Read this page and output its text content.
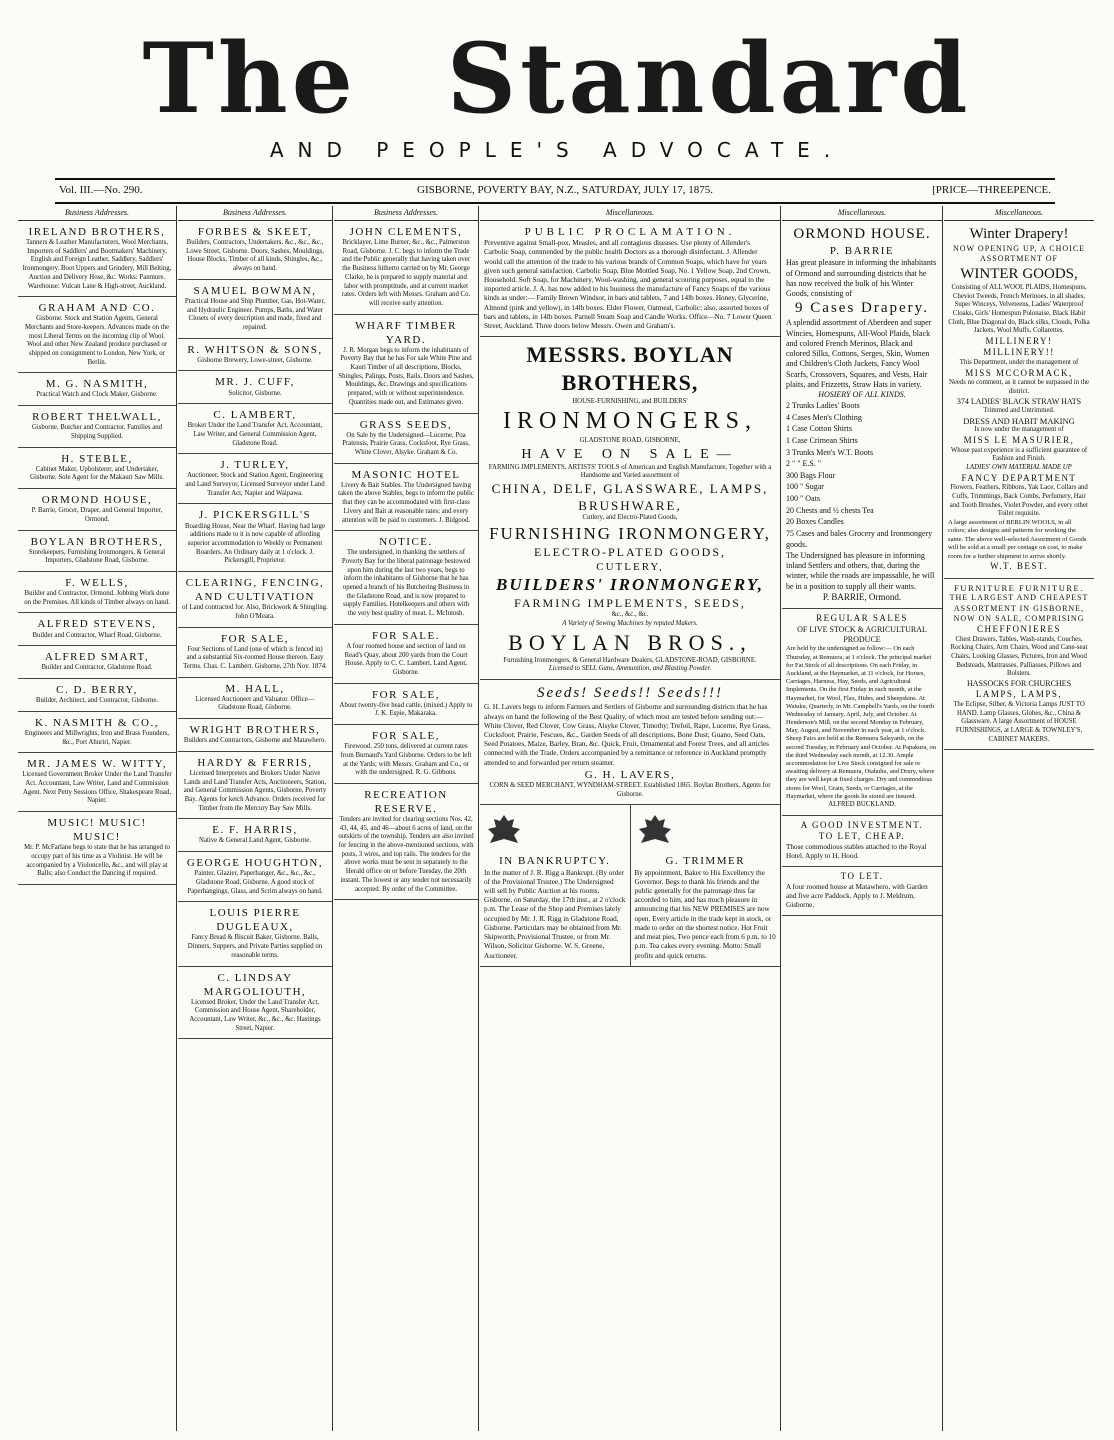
The Standard
AND PEOPLE'S ADVOCATE.
Vol. III.—No. 290.	GISBORNE, POVERTY BAY, N.Z., SATURDAY, JULY 17, 1875.	[PRICE—THREEPENCE.
Business Addresses.
IRELAND BROTHERS,
Tanners & Leather Manufacturers, Wool Merchants, Importers of Saddlers' and Bootmakers' Machinery, English and Foreign Leather, Saddlery, Saddlers' Ironmongery. Boot Uppers and Grindery, Mill Belting, Auction and Delivery Hose, &c. Works: Panmure. Warehouse: Vulcan Lane & High-street, Auckland.
GRAHAM AND CO.
Gisborne. Stock and Station Agents, General Merchants and Store-keepers. Advances made on the most Liberal Terms on the incoming clip of Wool. Wool and other New Zealand produce purchased or shipped on consignment to London, New York, or Berlin.
M. G. NASMITH,
Practical Watch and Clock Maker, Gisborne.
ROBERT THELWALL,
Gisborne. Butcher and Contractor. Families and Shipping Supplied.
H. STEBLE,
Cabinet Maker, Upholsterer, and Undertaker, Gisborne. Sole Agent for the Makauri Saw Mills.
ORMOND HOUSE,
P. Barrie, Grocer, Draper, and General Importer, Ormond.
BOYLAN BROTHERS,
Storekeepers, Furnishing Ironmongers, & General Importers, Gladstone Road, Gisborne.
F. WELLS,
Builder and Contractor, Ormond. Jobbing Work done on the Premises. All kinds of Timber always on hand.
ALFRED STEVENS,
Builder and Contractor, Wharf Road, Gisborne.
ALFRED SMART,
Builder and Contractor, Gladstone Road.
C. D. BERRY,
Builder, Architect, and Contractor, Gisborne.
K. NASMITH & CO.,
Engineers and Millwrights, Iron and Brass Founders, &c., Port Ahuriri, Napier.
MR. JAMES W. WITTY,
Licensed Government Broker Under the Land Transfer Act. Accountant, Law Writer, Land and Commission Agent. Next Petty Sessions Office, Shakespeare Road, Napier.
MUSIC! MUSIC! MUSIC!
Mr. P. McFarlane begs to state that he has arranged to occupy part of his time as a Violinist. He will be accompanied by a Violoncello, &c., and will play at Balls; also Conduct the Dancing if required.
Business Addresses.
FORBES & SKEET,
Builders, Contractors, Undertakers, &c., &c., &c., Lowe Street, Gisborne. Doors, Sashes, Mouldings, House Blocks, Timber of all kinds, Shingles, &c., always on hand.
SAMUEL BOWMAN,
Practical House and Ship Plumber, Gas, Hot-Water, and Hydraulic Engineer. Pumps, Baths, and Water Closets of every description and made, fixed and repaired.
R. WHITSON & SONS,
Gisborne Brewery, Lowe-street, Gisborne.
MR. J. CUFF,
Solicitor, Gisborne.
C. LAMBERT,
Broker Under the Land Transfer Act, Accountant, Law Writer, and General Commission Agent, Gladstone Road.
J. TURLEY,
Auctioneer, Stock and Station Agent, Engineering and Land Surveyor, Licensed Surveyor under Land Transfer Act, Napier and Waipawa.
J. PICKERSGILL'S
Boarding House, Near the Wharf. Having had large additions made to it is now capable of affording superior accommodation to Weekly or Permanent Boarders. An Ordinary daily at 1 o'clock. J. Pickersgill, Proprietor.
CLEARING, FENCING, AND CULTIVATION
of Land contracted for. Also, Brickwork & Shingling. John O'Meara.
FOR SALE,
Four Sections of Land (one of which is fenced in) and a substantial Six-roomed House thereon. Easy Terms. Chas. C. Lambert. Gisborne, 27th Nov. 1874.
M. HALL,
Licensed Auctioneer and Valuator. Office—Gladstone Road, Gisborne.
WRIGHT BROTHERS,
Builders and Contractors, Gisborne and Matawhero.
HARDY & FERRIS,
Licensed Interpreters and Brokers Under Native Lands and Land Transfer Acts, Auctioneers, Station, and General Commission Agents, Gisborne, Poverty Bay. Agents for ketch Advance. Orders received for Timber from the Mercury Bay Saw Mills.
E. F. HARRIS,
Native & General Land Agent, Gisborne.
GEORGE HOUGHTON,
Painter, Glazier, Paperhanger, &c., &c., &c., Gladstone Road, Gisborne. A good stock of Paperhangings, Glass, and Scrim always on hand.
LOUIS PIERRE DUGLEAUX,
Fancy Bread & Biscuit Baker, Gisborne. Balls, Dinners, Suppers, and Private Parties supplied on reasonable terms.
C. LINDSAY MARGOLIOUTH,
Licensed Broker, Under the Land Transfer Act, Commission and House Agent, Shareholder, Accountant, Law Writer, &c., &c., &c. Hastings Street, Napier.
Business Addresses.
JOHN CLEMENTS,
Bricklayer, Lime Burner, &c., &c., Palmerston Road, Gisborne. J. C. begs to inform the Trade and the Public generally that having taken over the Business hitherto carried on by Mr. George Clarke, he is prepared to supply material and labor with promptitude, and at current market rates. Orders left with Messrs. Graham and Co. will receive early attention.
WHARF TIMBER YARD.
J. R. Morgan begs to inform the inhabitants of Poverty Bay that he has For sale White Pine and Kauri Timber of all descriptions, Blocks, Shingles, Palings, Posts, Rails, Doors and Sashes, Mouldings, &c. Drawings and specifications prepared, with or without superintendence. Quantities made out, and Estimates given.
GRASS SEEDS,
On Sale by the Undersigned—Lucerne, Poa Pratensis, Prairie Grass, Cocksfoot, Rye Grass, White Clover, Alsyke. Graham & Co.
MASONIC HOTEL
Livery & Bait Stables. The Undersigned having taken the above Stables, begs to inform the public that they can be accommodated with first-class Livery and Bait at reasonable rates; and every attention will be paid to customers. J. Bidgood.
NOTICE.
The undersigned, in thanking the settlers of Poverty Bay for the liberal patronage bestowed upon him during the last two years, begs to inform the inhabitants of Gisborne that he has opened a branch of his Butchering Business in the Gladstone Road, and is now prepared to supply Families, Hotelkeepers and others with the very best quality of meat. L. McIntosh.
FOR SALE.
A four roomed house and section of land on Read's Quay, about 200 yards from the Court House. Apply to C. C. Lambert, Land Agent, Gisborne.
FOR SALE,
About twenty-five head cattle, (mixed.) Apply to J. K. Espie, Makaraka.
FOR SALE,
Firewood. 250 tons, delivered at current rates from Burnand's Yard Gisborne. Orders to be left at the Yards; with Messrs. Graham and Co., or with the undersigned. R. G. Gibbons.
RECREATION RESERVE.
Tenders are invited for clearing sections Nos. 42, 43, 44, 45, and 46—about 6 acres of land, on the outskirts of the township. Tenders are also invited for fencing in the above-mentioned sections, with posts, 3 wires, and top rails. The tenders for the above works must be sent in separately to the Herald office on or before Tuesday, the 20th instant. The lowest or any tender not necessarily accepted. By order of the Committee.
Miscellaneous.
PUBLIC PROCLAMATION.
Preventive against Small-pox, Measles, and all contagious diseases. Use plenty of Allender's Carbolic Soap, commended by the public health Doctors as a thorough disinfectant. J. Allender would call the attention of the trade to his various brands of Common Soaps, which have for years given such general satisfaction. Carbolic Soap, Blue Mottled Soap, No. 1 Yellow Soap, 2nd Crown, Household. Soft Soap, for Machinery, Wool-washing, and general scouring purposes, equal to the imported article. J. A. has now added to his business the manufacture of Fancy Soaps of the various kinds as under:— Family Brown Windsor, in bars and tablets, 7 and 14lb boxes. Honey, Glycerine, Almond (pink and yellow), in 14lb boxes. Elder Flower, Oatmeal, Carbolic; also, assorted boxes of bars and tablets, in 14lb boxes. Parnell Steam Soap and Candle Works. Office—No. 7 Lower Queen Street, Auckland. Three doors below Messrs. Owen and Graham's.
MESSRS. BOYLAN BROTHERS,
HOUSE-FURNISHING, and BUILDERS'
IRONMONGERS,
GLADSTONE ROAD, GISBORNE,
HAVE ON SALE—
FARMING IMPLEMENTS, ARTISTS' TOOLS of American and English Manufacture, Together with a Handsome and Varied assortment of
CHINA, DELF, GLASSWARE, LAMPS, BRUSHWARE,
Cutlery, and Electro-Plated Goods,
FURNISHING IRONMONGERY,
ELECTRO-PLATED GOODS,
CUTLERY,
BUILDERS' IRONMONGERY,
FARMING IMPLEMENTS, SEEDS,
&c., &c., &c.
A Variety of Sewing Machines by reputed Makers.
BOYLAN BROS.,
Furnishing Ironmongers, & General Hardware Dealers, GLADSTONE-ROAD, GISBORNE.
Licensed to SELL Guns, Ammunition, and Blasting Powder.
Seeds! Seeds!! Seeds!!!
G. H. Lavers begs to inform Farmers and Settlers of Gisborne and surrounding districts that he has always on hand the following of the Best Quality, of which most are tested before sending out:— White Clover, Red Clover, Cow Grass, Alsyke Clover, Timothy; Trefoil, Rape, Lucerne, Rye Grass, Cocksfoot; Prairie, Fescues, &c., Garden Seeds of all descriptions, Bone Dust; Guano, Seed Oats, Seed Potatoes, Maize, Barley, Bran, &c. Quick, Fruit, Ornamental and Forest Trees, and all articles connected with the Trade. Orders accompanied by a remittance or reference in Auckland promptly attended to and forwarded per return steamer.
G. H. LAVERS,
CORN & SEED MERCHANT, WYNDHAM-STREET. Established 1865. Boylan Brothers, Agents for Gisborne.
IN BANKRUPTCY.
In the matter of J. R. Rigg a Bankrupt. (By order of the Provisional Trustee.) The Undersigned will sell by Public Auction at his rooms, Gisborne, on Saturday, the 17th inst., at 2 o'clock p.m. The Lease of the Shop and Premises lately occupied by Mr. J. R. Rigg in Gladstone Road, Gisborne. Particulars may be obtained from Mr. Skipworth, Provisional Trustee, or from Mr. Wilson, Solicitor Gisborne. W. S. Greene, Auctioneer.
G. TRIMMER
By appointment, Baker to His Excellency the Governor. Begs to thank his friends and the public generally for the patronage thus far accorded to him, and has much pleasure in announcing that his NEW PREMISES are now open. Every article in the trade kept in stock, or made to order on the shortest notice. Hot Fruit and meat pies, Two pence each from 6 p.m. to 10 p.m. Tea cakes every evening. Motto: Small profits and quick returns.
Miscellaneous.
ORMOND HOUSE.
P. BARRIE
Has great pleasure in informing the inhabitants of Ormond and surrounding districts that he has now received the bulk of his Winter Goods, consisting of
9 Cases Drapery.
A splendid assortment of Aberdeen and super Wincies, Homespuns, All-Wool Plaids, black and colored French Merinos, Black and colored Silks, Cottons, Serges, Skin, Women and Children's Cloth Jackets, Fancy Wool Scarfs, Crossovers, Squares, and Vests, Hair plaits, and Frizzetts, Straw Hats in variety.
HOSIERY OF ALL KINDS.
2 Trunks Ladies' Boots
4 Cases Men's Clothing
1 Case Cotton Shirts
1 Case Crimean Shirts
3 Trunks Men's W.T. Boots
2 " " E.S. "
300 Bags Flour
100 " Sugar
100 " Oats
20 Chests and ½ chests Tea
20 Boxes Candles
75 Cases and bales Grocery and Ironmongery goods.
The Undersigned has pleasure in informing inland Settlers and others, that, during the winter, while the roads are impassable, he will be in a position to supply all their wants.
P. BARRIE, Ormond.
REGULAR SALES
OF LIVE STOCK & AGRICULTURAL PRODUCE
Are held by the undersigned as follow:— On each Thursday, at Remuera, at 1 o'clock. The principal market for Fat Stock of all descriptions. On each Friday, in Auckland, at the Haymarket, at 11 o'clock, for Horses, Carriages, Harness, Hay, Seeds, and Agricultural Implements. On the first Friday in each month, at the Haymarket, for Wool, Flax, Hides, and Sheepskins. At Waiuku, Quarterly, in Mr. Campbell's Yards, on the fourth Wednesday of January, April, July, and October. At Henderson's Mill, on the second Monday in February, May, August, and November in each year, at 1 o'clock. Sheep Fairs are held at the Remuera Saleyards, on the second Tuesday, in February and October. At Papakura, on the third Wednesday each month, at 12.30. Ample accommodation for Live Stock consigned for sale or awaiting delivery at Remuera, Otahuhu, and Drury, where they are well kept at fixed charges. Dry and commodious stores for Wool, Grain, Seeds, or Carriages, at the Haymarket, where the goods lie stored are insured.
ALFRED BUCKLAND.
A GOOD INVESTMENT.
TO LET, CHEAP.
Those commodious stables attached to the Royal Hotel. Apply to H. Hood.
TO LET.
A four roomed house at Matawhero, with Garden and five acre Paddock. Apply to J. Meldrum, Gisborne.
Miscellaneous.
Winter Drapery!
NOW OPENING UP, A CHOICE ASSORTMENT OF
WINTER GOODS,
Consisting of ALL WOOL PLAIDS, Homespuns, Cheviot Tweeds, French Merinoes, in all shades, Super Winceys, Velveteens, Ladies' Waterproof Cloaks, Girls' Homespun Polonaise, Black Habit Cloth, Blue Diagonal do, Black silks, Clouds, Polka Jackets, Wool Muffs, Collarettes.
MILLINERY! MILLINERY!!
This Department, under the management of
MISS MCCORMACK,
Needs no comment, as it cannot be surpassed in the district.
374 LADIES' BLACK STRAW HATS
Trimmed and Untrimmed.
DRESS AND HABIT MAKING
Is now under the management of
MISS LE MASURIER,
Whose past experience is a sufficient guarantee of Fashion and Finish.
LADIES' OWN MATERIAL MADE UP
FANCY DEPARTMENT
Flowers, Feathers, Ribbons, Yak Lace, Collars and Cuffs, Trimmings, Back Combs, Perfumery, Hair and Tooth Brushes, Violet Powder, and every other Toilet requisite.
A large assortment of BERLIN WOOLS, in all colors; also designs and patterns for working the same. The above well-selected Assortment of Goods will be sold at a small per centage on cost, to make room for a further shipment to arrive shortly.
W.T. BEST.
FURNITURE FURNITURE.
THE LARGEST AND CHEAPEST ASSORTMENT IN GISBORNE, NOW ON SALE, COMPRISING
CHEFFONIERES
Chest Drawers, Tables, Wash-stands, Couches, Rocking Chairs, Arm Chairs, Wood and Cane-seat Chairs, Looking Glasses, Pictures, Iron and Wood Bedsteads, Mattrasses, Palliasses, Pillows and Bolsters.
HASSOCKS FOR CHURCHES
LAMPS, LAMPS,
The Eclipse, Silber, & Victoria Lamps JUST TO HAND. Lamp Glasses, Globes, &c., China & Glassware. A large Assortment of HOUSE FURNISHINGS, at LARGE & TOWNLEY'S, CABINET MAKERS.
